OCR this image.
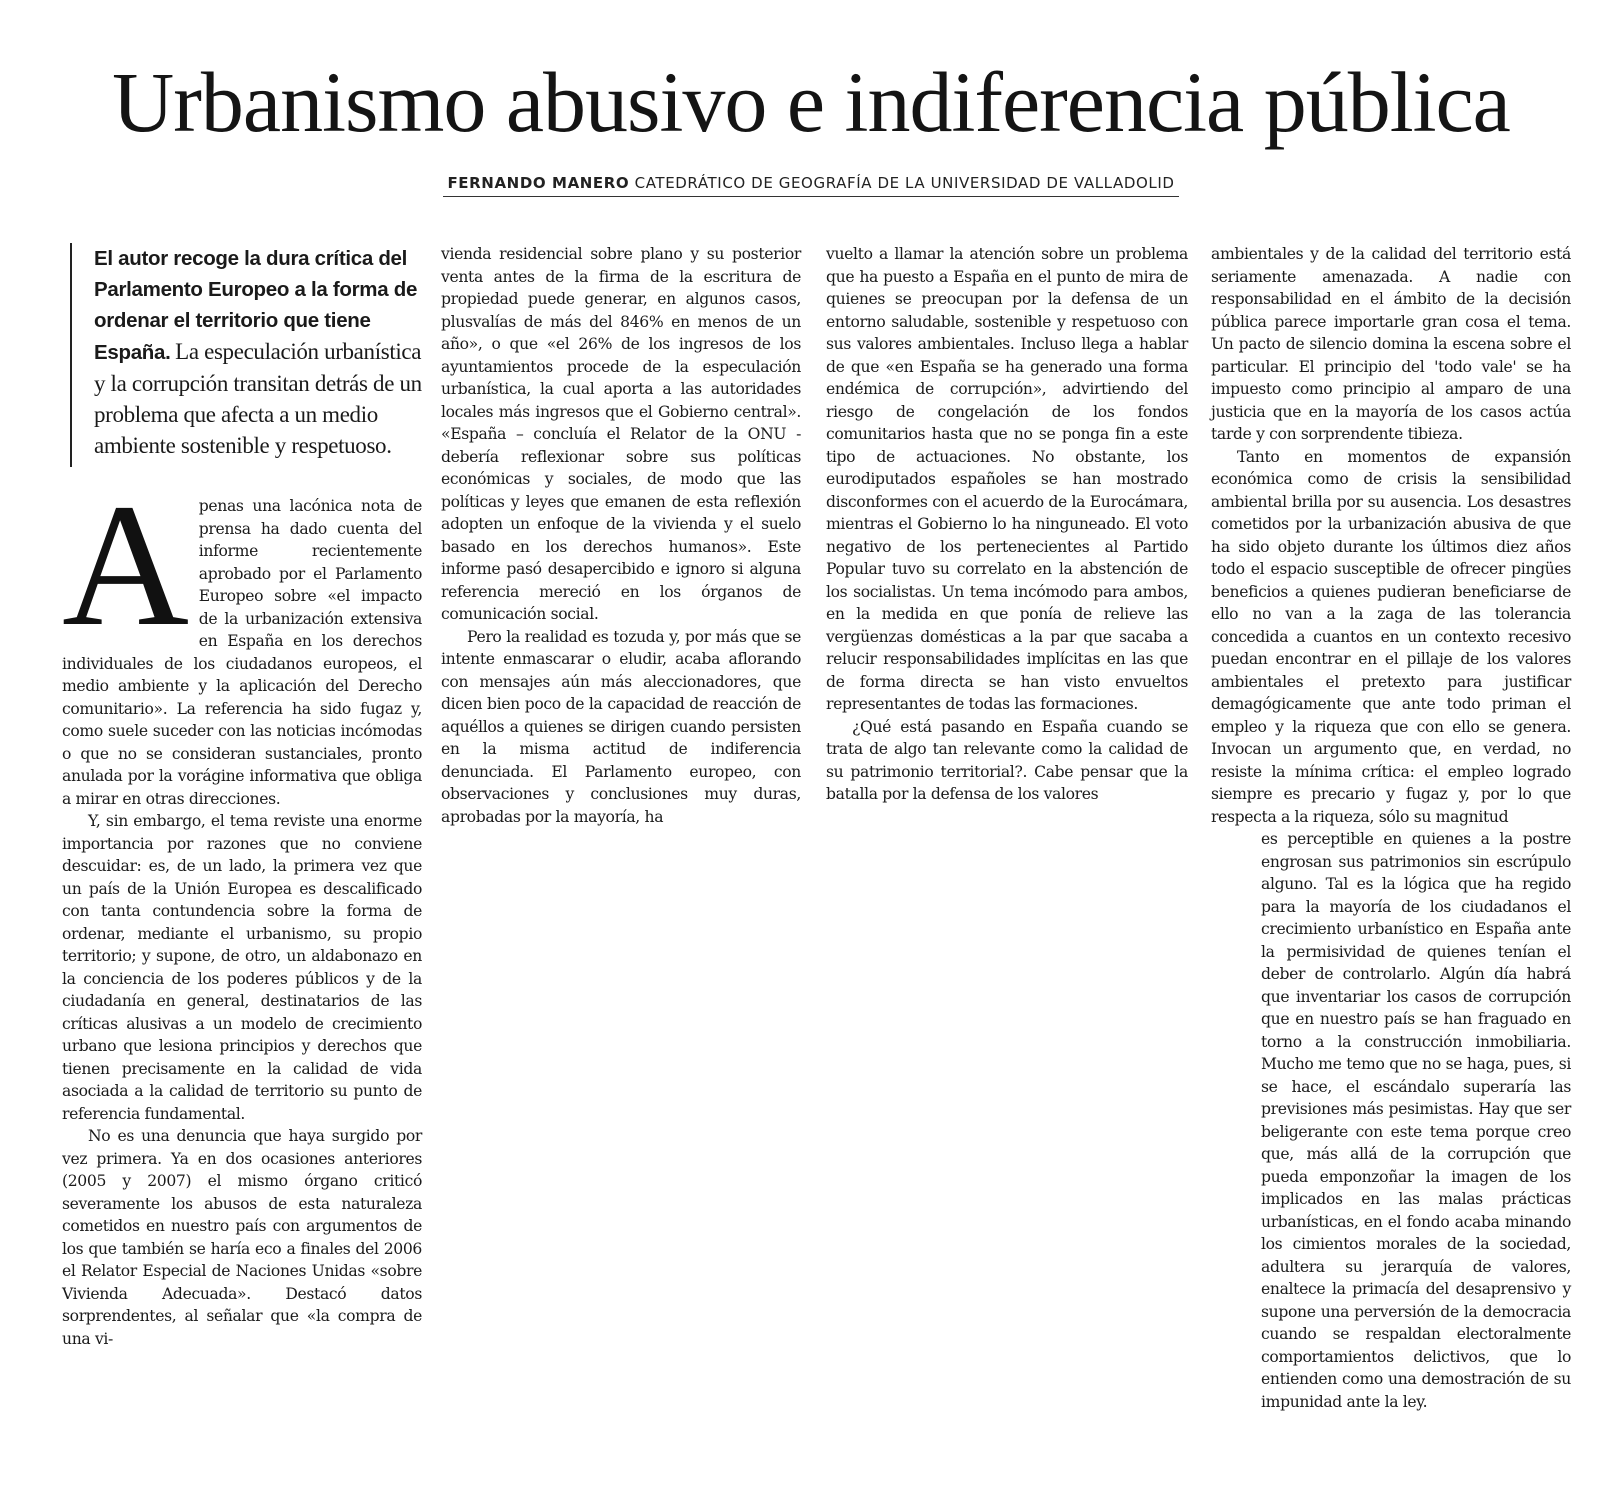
Urbanismo abusivo e indiferencia pública
FERNANDO MANERO CATEDRÁTICO DE GEOGRAFÍA DE LA UNIVERSIDAD DE VALLADOLID
El autor recoge la dura crítica del Parlamento Europeo a la forma de ordenar el territorio que tiene España. La especulación urbanística y la corrupción transitan detrás de un problema que afecta a un medio ambiente sostenible y respetuoso.

A penas una lacónica nota de prensa ha dado cuenta del informe recientemente aprobado por el Parlamento Europeo sobre «el impacto de la urbanización extensiva en España en los derechos individuales de los ciudadanos europeos, el medio ambiente y la aplicación del Derecho comunitario». La referencia ha sido fugaz y, como suele suceder con las noticias incómodas o que no se consideran sustanciales, pronto anulada por la vorágine informativa que obliga a mirar en otras direcciones.

Y, sin embargo, el tema reviste una enorme importancia por razones que no conviene descuidar: es, de un lado, la primera vez que un país de la Unión Europea es descalificado con tanta contundencia sobre la forma de ordenar, mediante el urbanismo, su propio territorio; y supone, de otro, un aldabonazo en la conciencia de los poderes públicos y de la ciudadanía en general, destinatarios de las críticas alusivas a un modelo de crecimiento urbano que lesiona principios y derechos que tienen precisamente en la calidad de vida asociada a la calidad de territorio su punto de referencia fundamental.

No es una denuncia que haya surgido por vez primera. Ya en dos ocasiones anteriores (2005 y 2007) el mismo órgano criticó severamente los abusos de esta naturaleza cometidos en nuestro país con argumentos de los que también se haría eco a finales del 2006 el Relator Especial de Naciones Unidas «sobre Vivienda Adecuada». Destacó datos sorprendentes, al señalar que «la compra de una vi-

vienda residencial sobre plano y su posterior venta antes de la firma de la escritura de propiedad puede generar, en algunos casos, plusvalías de más del 846% en menos de un año», o que «el 26% de los ingresos de los ayuntamientos procede de la especulación urbanística, la cual aporta a las autoridades locales más ingresos que el Gobierno central». «España – concluía el Relator de la ONU - debería reflexionar sobre sus políticas económicas y sociales, de modo que las políticas y leyes que emanen de esta reflexión adopten un enfoque de la vivienda y el suelo basado en los derechos humanos». Este informe pasó desapercibido e ignoro si alguna referencia mereció en los órganos de comunicación social.

Pero la realidad es tozuda y, por más que se intente enmascarar o eludir, acaba aflorando con mensajes aún más aleccionadores, que dicen bien poco de la capacidad de reacción de aquéllos a quienes se dirigen cuando persisten en la misma actitud de indiferencia denunciada. El Parlamento europeo, con observaciones y conclusiones muy duras, aprobadas por la mayoría, ha

vuelto a llamar la atención sobre un problema que ha puesto a España en el punto de mira de quienes se preocupan por la defensa de un entorno saludable, sostenible y respetuoso con sus valores ambientales. Incluso llega a hablar de que «en España se ha generado una forma endémica de corrupción», advirtiendo del riesgo de congelación de los fondos comunitarios hasta que no se ponga fin a este tipo de actuaciones. No obstante, los eurodiputados españoles se han mostrado disconformes con el acuerdo de la Eurocámara, mientras el Gobierno lo ha ninguneado. El voto negativo de los pertenecientes al Partido Popular tuvo su correlato en la abstención de los socialistas. Un tema incómodo para ambos, en la medida en que ponía de relieve las vergüenzas domésticas a la par que sacaba a relucir responsabilidades implícitas en las que de forma directa se han visto envueltos representantes de todas las formaciones.

¿Qué está pasando en España cuando se trata de algo tan relevante como la calidad de su patrimonio territorial?. Cabe pensar que la batalla por la defensa de los valores

ambientales y de la calidad del territorio está seriamente amenazada. A nadie con responsabilidad en el ámbito de la decisión pública parece importarle gran cosa el tema. Un pacto de silencio domina la escena sobre el particular. El principio del 'todo vale' se ha impuesto como principio al amparo de una justicia que en la mayoría de los casos actúa tarde y con sorprendente tibieza.

Tanto en momentos de expansión económica como de crisis la sensibilidad ambiental brilla por su ausencia. Los desastres cometidos por la urbanización abusiva de que ha sido objeto durante los últimos diez años todo el espacio susceptible de ofrecer pingües beneficios a quienes pudieran beneficiarse de ello no van a la zaga de las tolerancia concedida a cuantos en un contexto recesivo puedan encontrar en el pillaje de los valores ambientales el pretexto para justificar demagógicamente que ante todo priman el empleo y la riqueza que con ello se genera. Invocan un argumento que, en verdad, no resiste la mínima crítica: el empleo logrado siempre es precario y fugaz y, por lo que respecta a la riqueza, sólo su magnitud

es perceptible en quienes a la postre engrosan sus patrimonios sin escrúpulo alguno. Tal es la lógica que ha regido para la mayoría de los ciudadanos el crecimiento urbanístico en España ante la permisividad de quienes tenían el deber de controlarlo. Algún día habrá que inventariar los casos de corrupción que en nuestro país se han fraguado en torno a la construcción inmobiliaria. Mucho me temo que no se haga, pues, si se hace, el escándalo superaría las previsiones más pesimistas. Hay que ser beligerante con este tema porque creo que, más allá de la corrupción que pueda emponzoñar la imagen de los implicados en las malas prácticas urbanísticas, en el fondo acaba minando los cimientos morales de la sociedad, adultera su jerarquía de valores, enaltece la primacía del desaprensivo y supone una perversión de la democracia cuando se respaldan electoralmente comportamientos delictivos, que lo entienden como una demostración de su impunidad ante la ley.
